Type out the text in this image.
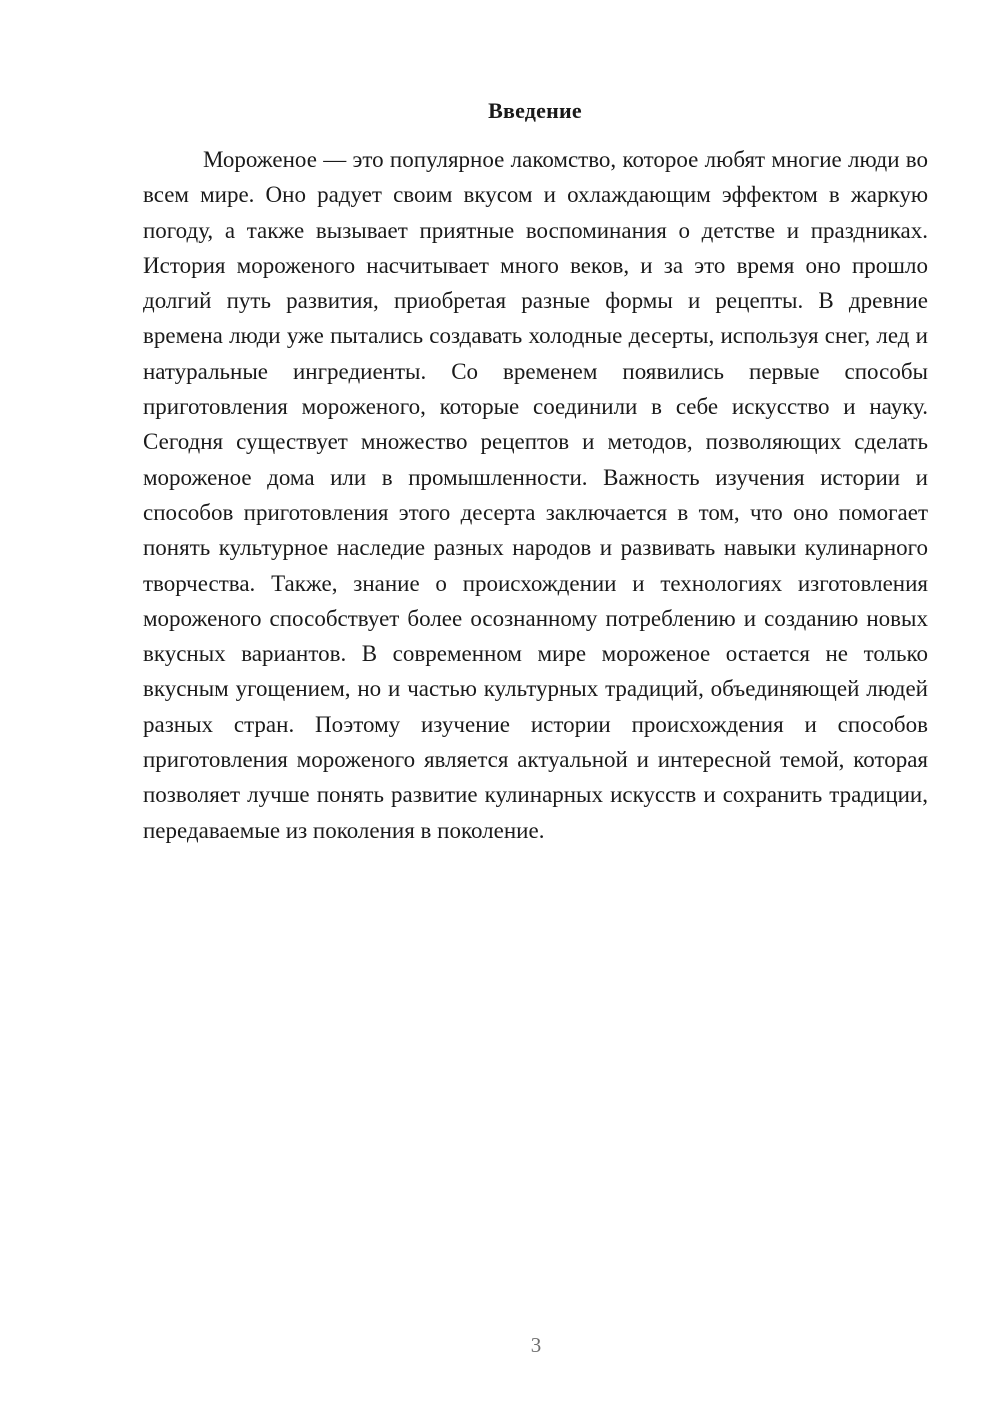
Введение

Мороженое — это популярное лакомство, которое любят многие люди во всем мире. Оно радует своим вкусом и охлаждающим эффектом в жаркую погоду, а также вызывает приятные воспоминания о детстве и праздниках. История мороженого насчитывает много веков, и за это время оно прошло долгий путь развития, приобретая разные формы и рецепты. В древние времена люди уже пытались создавать холодные десерты, используя снег, лед и натуральные ингредиенты. Со временем появились первые способы приготовления мороженого, которые соединили в себе искусство и науку. Сегодня существует множество рецептов и методов, позволяющих сделать мороженое дома или в промышленности. Важность изучения истории и способов приготовления этого десерта заключается в том, что оно помогает понять культурное наследие разных народов и развивать навыки кулинарного творчества. Также, знание о происхождении и технологиях изготовления мороженого способствует более осознанному потреблению и созданию новых вкусных вариантов. В современном мире мороженое остается не только вкусным угощением, но и частью культурных традиций, объединяющей людей разных стран. Поэтому изучение истории происхождения и способов приготовления мороженого является актуальной и интересной темой, которая позволяет лучше понять развитие кулинарных искусств и сохранить традиции, передаваемые из поколения в поколение.

3
